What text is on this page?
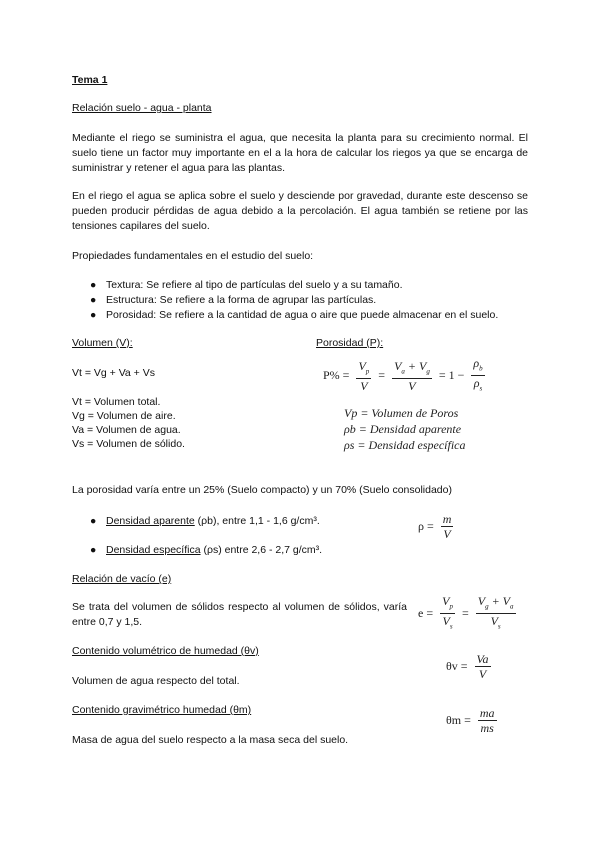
Tema 1
Relación suelo - agua - planta
Mediante el riego se suministra el agua, que necesita la planta para su crecimiento normal. El suelo tiene un factor muy importante en el a la hora de calcular los riegos ya que se encarga de suministrar y retener el agua para las plantas.
En el riego el agua se aplica sobre el suelo y desciende por gravedad, durante este descenso se pueden producir pérdidas de agua debido a la percolación. El agua también se retiene por las tensiones capilares del suelo.
Propiedades fundamentales en el estudio del suelo:
● Textura: Se refiere al tipo de partículas del suelo y a su tamaño.
● Estructura: Se refiere a la forma de agrupar las partículas.
● Porosidad: Se refiere a la cantidad de agua o aire que puede almacenar en el suelo.
Volumen (V):
Vt = Vg + Va + Vs
Vt = Volumen total.
Vg = Volumen de aire.
Va = Volumen de agua.
Vs = Volumen de sólido.
Porosidad (P):
$P\% = \frac{V_p}{V} = \frac{V_a + V_g}{V} = 1 - \frac{\rho_b}{\rho_s}$
Vp = Volumen de Poros
ρb = Densidad aparente
ρs = Densidad específica
La porosidad varía entre un 25% (Suelo compacto) y un 70% (Suelo consolidado)
● Densidad aparente (ρb), entre 1,1 - 1,6 g/cm³.
● Densidad específica (ρs) entre 2,6 - 2,7 g/cm³.
$\rho = \frac{m}{V}$
Relación de vacío (e)
Se trata del volumen de sólidos respecto al volumen de sólidos, varía entre 0,7 y 1,5.
$e = \frac{V_p}{V_s} = \frac{V_g + V_a}{V_s}$
Contenido volumétrico de humedad (θv)
Volumen de agua respecto del total.
$\theta v = \frac{Va}{V}$
Contenido gravimétrico humedad (θm)
Masa de agua del suelo respecto a la masa seca del suelo.
$\theta m = \frac{ma}{ms}$
